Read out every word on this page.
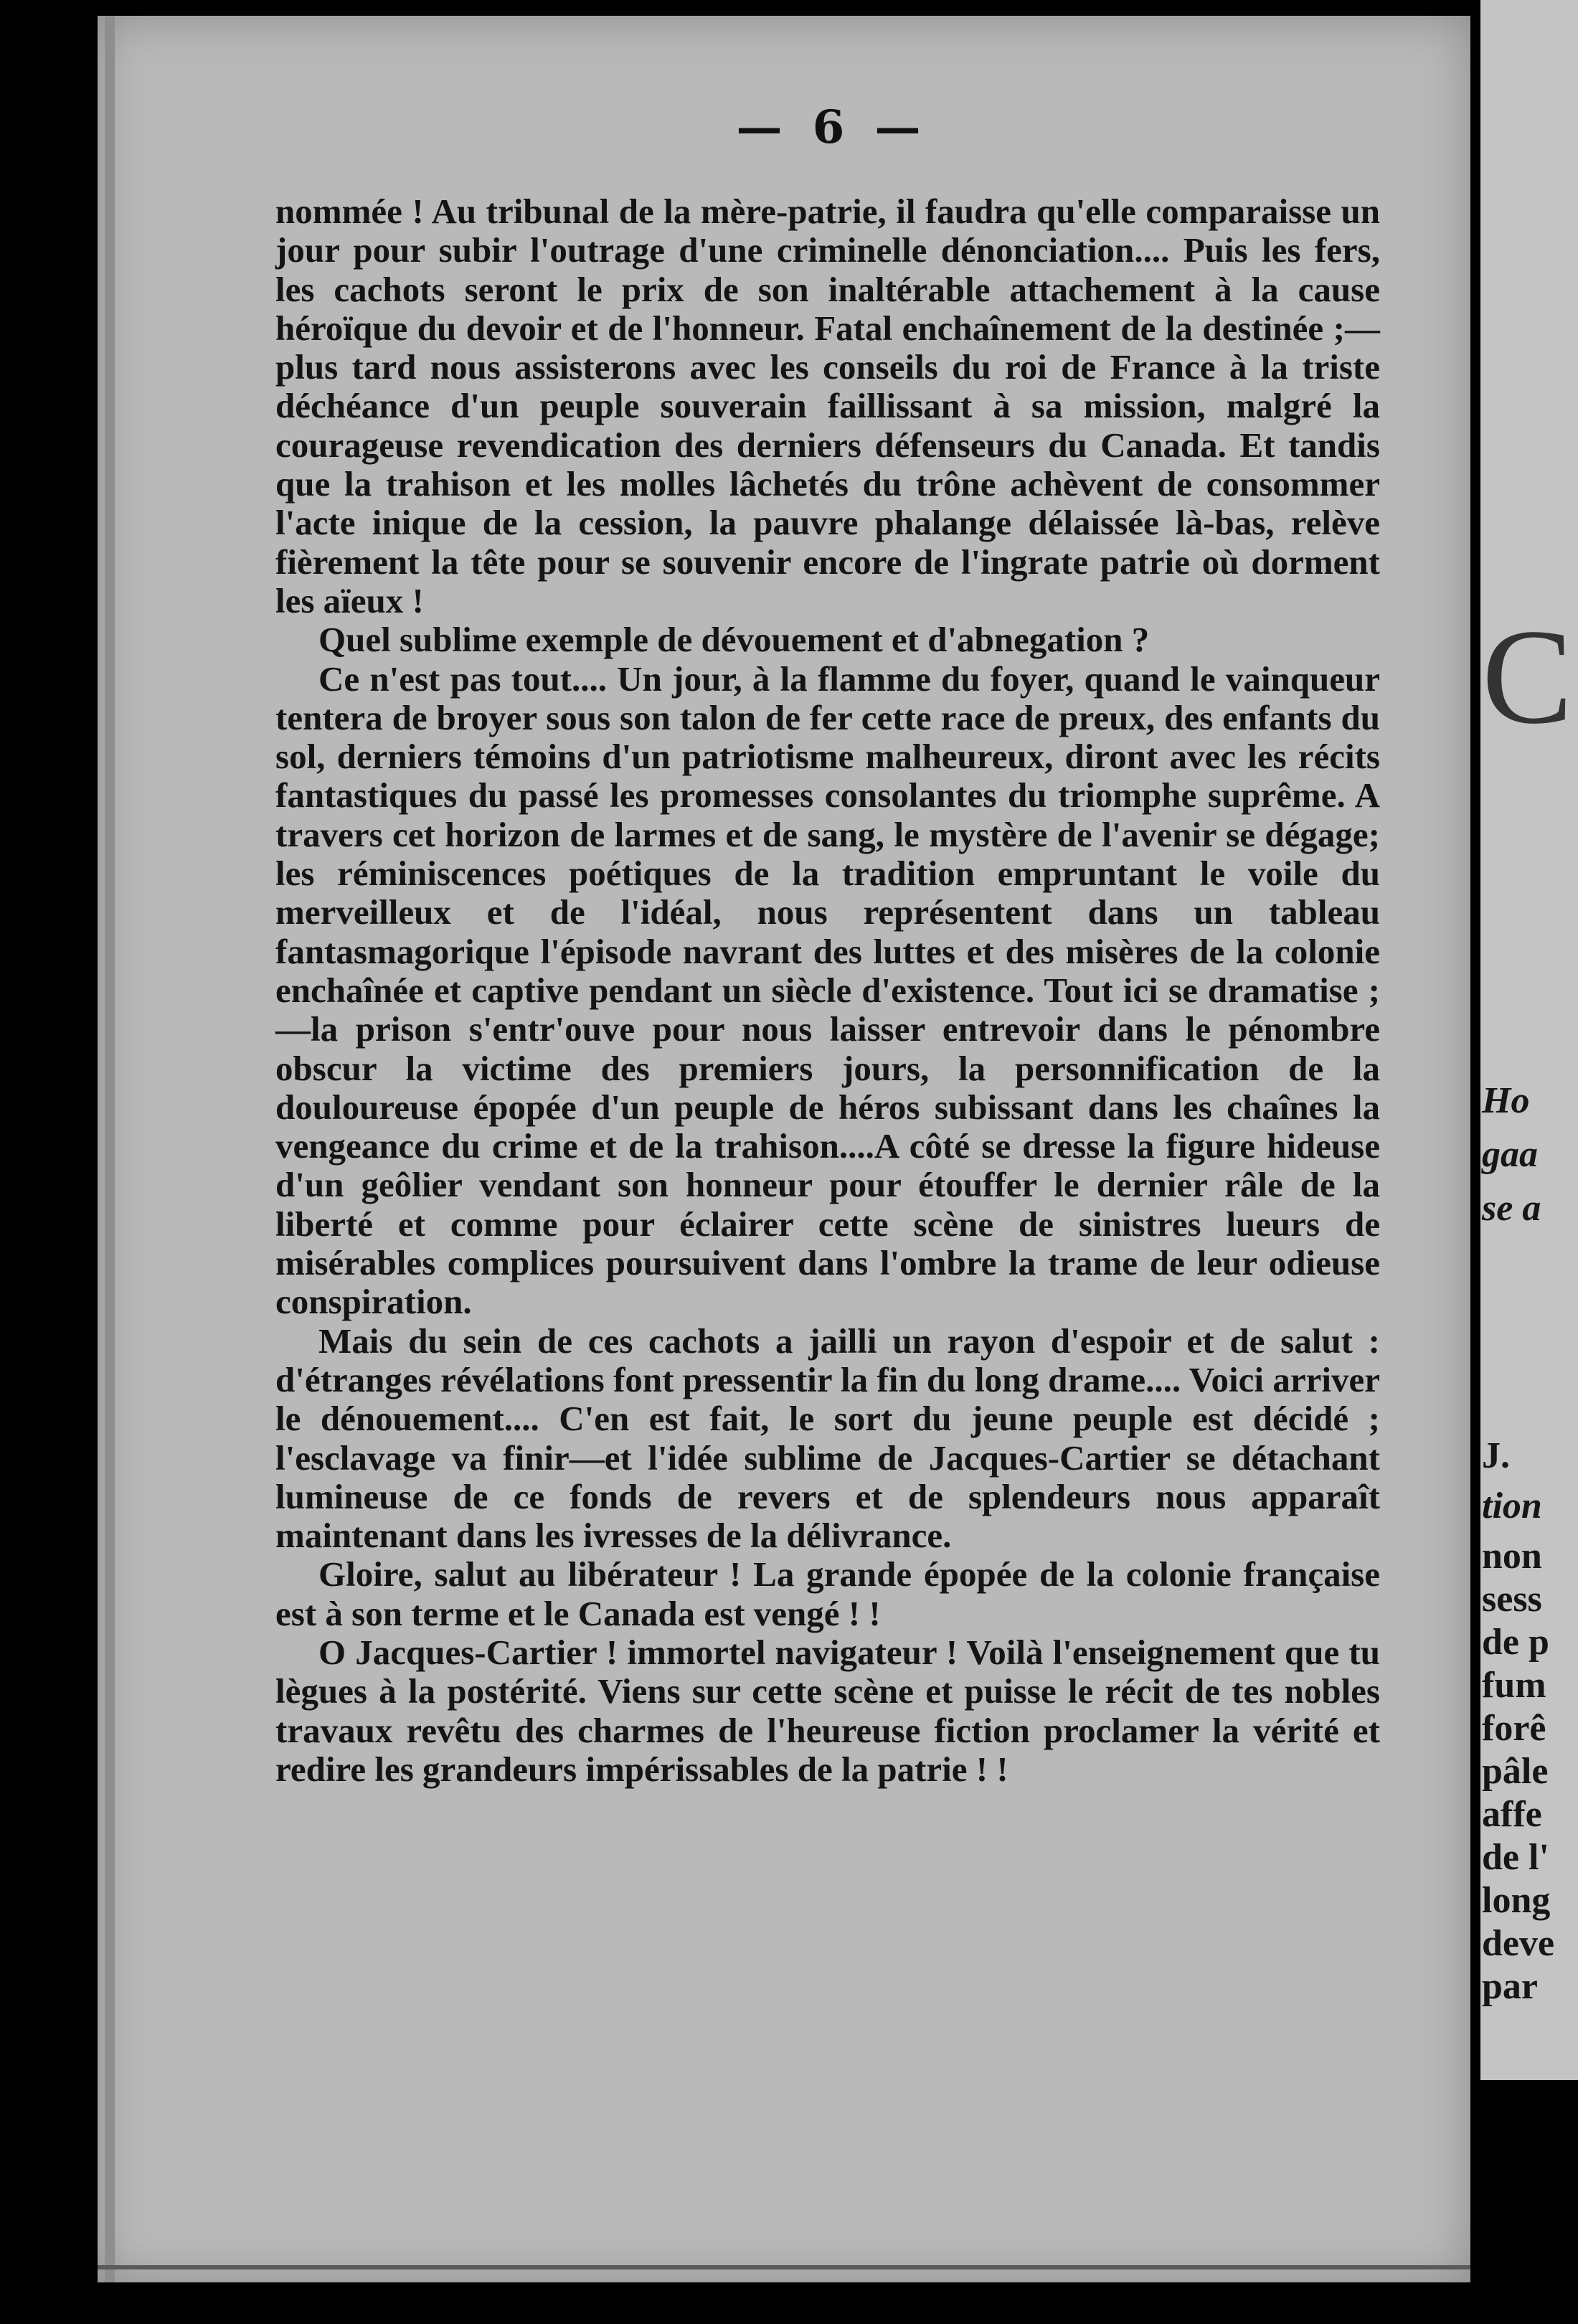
— 6 —

nommée ! Au tribunal de la mère-patrie, il faudra qu'elle comparaisse un jour pour subir l'outrage d'une criminelle dénonciation.... Puis les fers, les cachots seront le prix de son inaltérable attachement à la cause héroïque du devoir et de l'honneur. Fatal enchaînement de la destinée ;—plus tard nous assisterons avec les conseils du roi de France à la triste déchéance d'un peuple souverain faillissant à sa mission, malgré la courageuse revendication des derniers défenseurs du Canada. Et tandis que la trahison et les molles lâchetés du trône achèvent de consommer l'acte inique de la cession, la pauvre phalange délaissée là-bas, relève fièrement la tête pour se souvenir encore de l'ingrate patrie où dorment les aïeux !

Quel sublime exemple de dévouement et d'abnegation ?

Ce n'est pas tout.... Un jour, à la flamme du foyer, quand le vainqueur tentera de broyer sous son talon de fer cette race de preux, des enfants du sol, derniers témoins d'un patriotisme malheureux, diront avec les récits fantastiques du passé les promesses consolantes du triomphe suprême. A travers cet horizon de larmes et de sang, le mystère de l'avenir se dégage; les réminiscences poétiques de la tradition empruntant le voile du merveilleux et de l'idéal, nous représentent dans un tableau fantasmagorique l'épisode navrant des luttes et des misères de la colonie enchaînée et captive pendant un siècle d'existence. Tout ici se dramatise ;—la prison s'entr'ouve pour nous laisser entrevoir dans le pénombre obscur la victime des premiers jours, la personnification de la douloureuse épopée d'un peuple de héros subissant dans les chaînes la vengeance du crime et de la trahison....A côté se dresse la figure hideuse d'un geôlier vendant son honneur pour étouffer le dernier râle de la liberté et comme pour éclairer cette scène de sinistres lueurs de misérables complices poursuivent dans l'ombre la trame de leur odieuse conspiration.

Mais du sein de ces cachots a jailli un rayon d'espoir et de salut : d'étranges révélations font pressentir la fin du long drame.... Voici arriver le dénouement.... C'en est fait, le sort du jeune peuple est décidé ; l'esclavage va finir—et l'idée sublime de Jacques-Cartier se détachant lumineuse de ce fonds de revers et de splendeurs nous apparaît maintenant dans les ivresses de la délivrance.

Gloire, salut au libérateur ! La grande épopée de la colonie française est à son terme et le Canada est vengé ! !

O Jacques-Cartier ! immortel navigateur ! Voilà l'enseignement que tu lègues à la postérité. Viens sur cette scène et puisse le récit de tes nobles travaux revêtu des charmes de l'heureuse fiction proclamer la vérité et redire les grandeurs impérissables de la patrie ! !

C

Ho

gaa

se a

J.

tion

non

sess

de p

fum

forê

pâle

affe

de l'

long

deve

par
